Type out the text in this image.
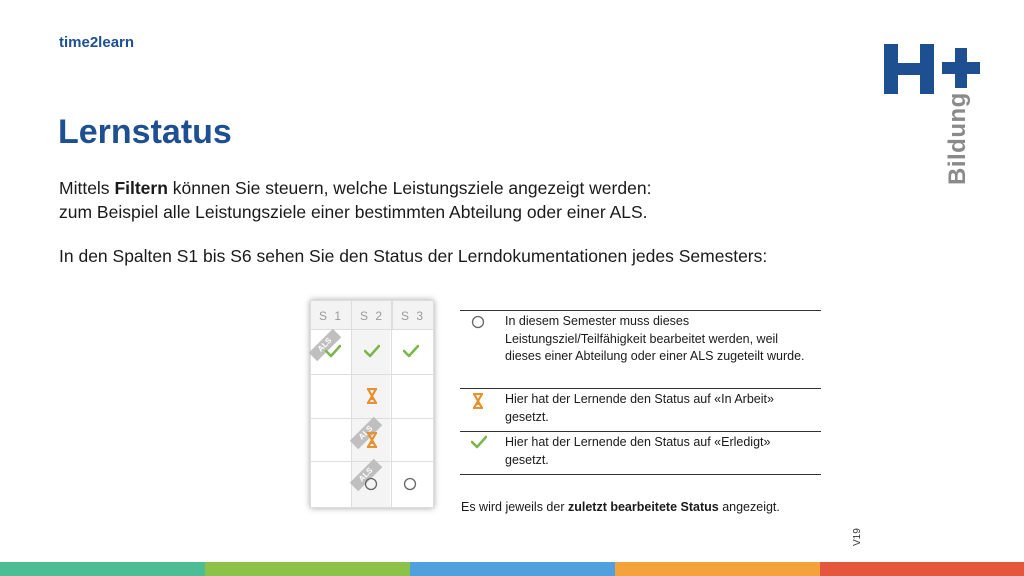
time2learn
Bildung
Lernstatus
Mittels Filtern können Sie steuern, welche Leistungsziele angezeigt werden:
zum Beispiel alle Leistungsziele einer bestimmten Abteilung oder einer ALS.
In den Spalten S1 bis S6 sehen Sie den Status der Lerndokumentationen jedes Semesters:
S 1	S 2	S 3
ALS
ALS
ALS
In diesem Semester muss dieses Leistungsziel/Teilfähigkeit bearbeitet werden, weil dieses einer Abteilung oder einer ALS zugeteilt wurde.
Hier hat der Lernende den Status auf «In Arbeit» gesetzt.
Hier hat der Lernende den Status auf «Erledigt» gesetzt.
Es wird jeweils der zuletzt bearbeitete Status angezeigt.
V19
